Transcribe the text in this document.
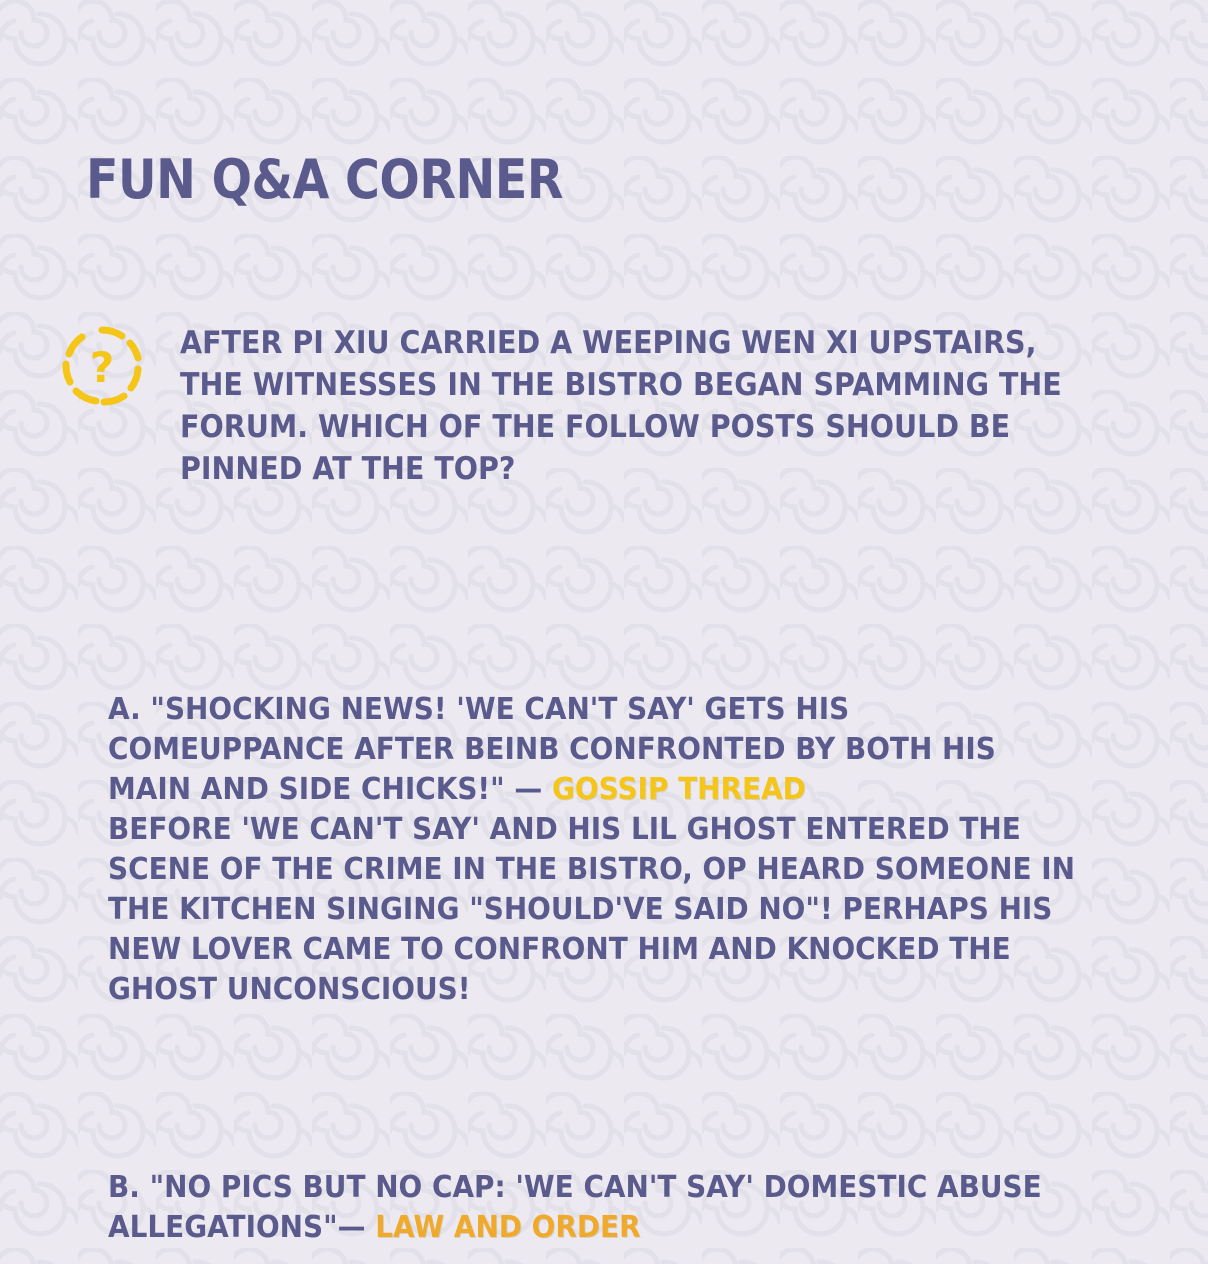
FUN Q&A CORNER
? AFTER PI XIU CARRIED A WEEPING WEN XI UPSTAIRS, THE WITNESSES IN THE BISTRO BEGAN SPAMMING THE FORUM. WHICH OF THE FOLLOW POSTS SHOULD BE PINNED AT THE TOP?
A. "SHOCKING NEWS! 'WE CAN'T SAY' GETS HIS COMEUPPANCE AFTER BEINB CONFRONTED BY BOTH HIS MAIN AND SIDE CHICKS!" — GOSSIP THREAD
BEFORE 'WE CAN'T SAY' AND HIS LIL GHOST ENTERED THE SCENE OF THE CRIME IN THE BISTRO, OP HEARD SOMEONE IN THE KITCHEN SINGING "SHOULD'VE SAID NO"! PERHAPS HIS NEW LOVER CAME TO CONFRONT HIM AND KNOCKED THE GHOST UNCONSCIOUS!
B. "NO PICS BUT NO CAP: 'WE CAN'T SAY' DOMESTIC ABUSE ALLEGATIONS"— LAW AND ORDER
